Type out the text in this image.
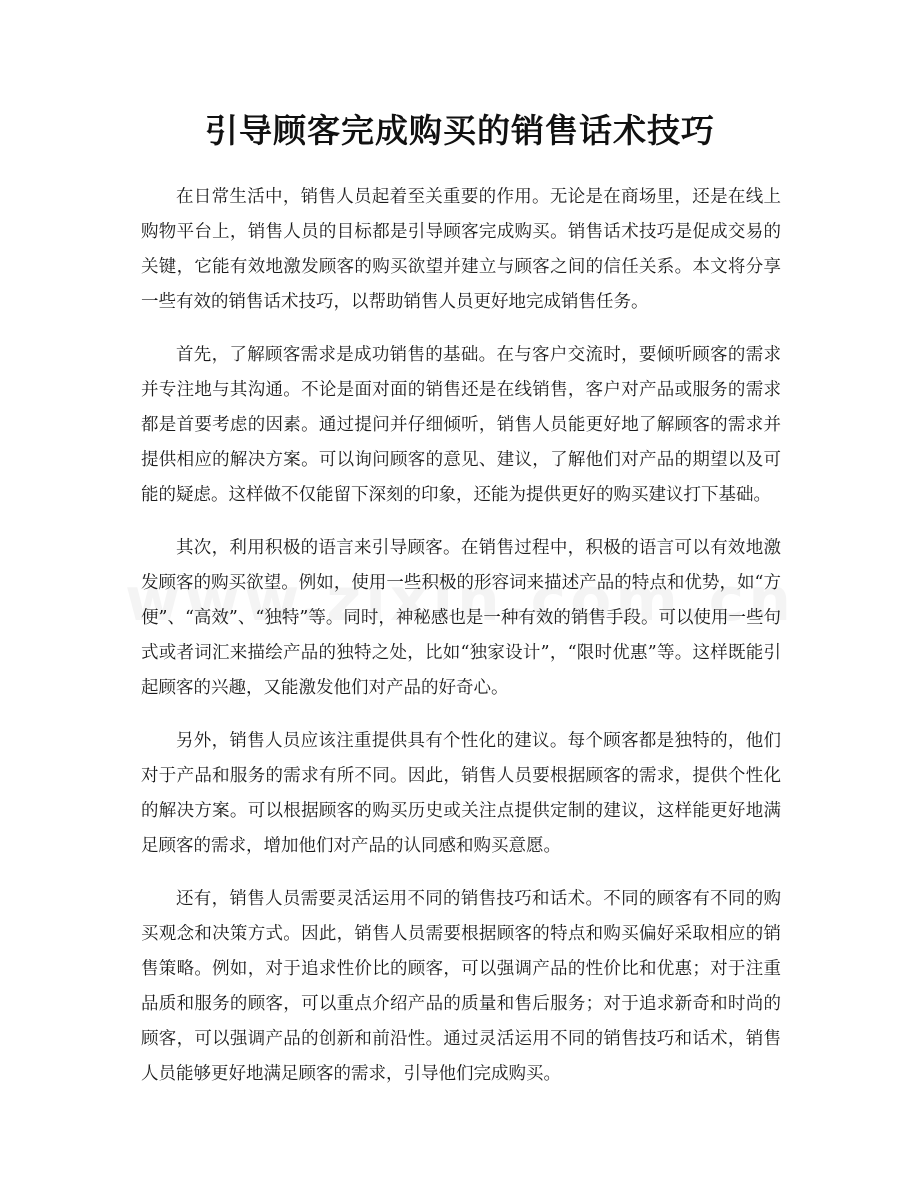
引导顾客完成购买的销售话术技巧

在日常生活中，销售人员起着至关重要的作用。无论是在商场里，还是在线上购物平台上，销售人员的目标都是引导顾客完成购买。销售话术技巧是促成交易的关键，它能有效地激发顾客的购买欲望并建立与顾客之间的信任关系。本文将分享一些有效的销售话术技巧，以帮助销售人员更好地完成销售任务。

首先，了解顾客需求是成功销售的基础。在与客户交流时，要倾听顾客的需求并专注地与其沟通。不论是面对面的销售还是在线销售，客户对产品或服务的需求都是首要考虑的因素。通过提问并仔细倾听，销售人员能更好地了解顾客的需求并提供相应的解决方案。可以询问顾客的意见、建议，了解他们对产品的期望以及可能的疑虑。这样做不仅能留下深刻的印象，还能为提供更好的购买建议打下基础。

其次，利用积极的语言来引导顾客。在销售过程中，积极的语言可以有效地激发顾客的购买欲望。例如，使用一些积极的形容词来描述产品的特点和优势，如“方便”、“高效”、“独特”等。同时，神秘感也是一种有效的销售手段。可以使用一些句式或者词汇来描绘产品的独特之处，比如“独家设计”，“限时优惠”等。这样既能引起顾客的兴趣，又能激发他们对产品的好奇心。

另外，销售人员应该注重提供具有个性化的建议。每个顾客都是独特的，他们对于产品和服务的需求有所不同。因此，销售人员要根据顾客的需求，提供个性化的解决方案。可以根据顾客的购买历史或关注点提供定制的建议，这样能更好地满足顾客的需求，增加他们对产品的认同感和购买意愿。

还有，销售人员需要灵活运用不同的销售技巧和话术。不同的顾客有不同的购买观念和决策方式。因此，销售人员需要根据顾客的特点和购买偏好采取相应的销售策略。例如，对于追求性价比的顾客，可以强调产品的性价比和优惠；对于注重品质和服务的顾客，可以重点介绍产品的质量和售后服务；对于追求新奇和时尚的顾客，可以强调产品的创新和前沿性。通过灵活运用不同的销售技巧和话术，销售人员能够更好地满足顾客的需求，引导他们完成购买。
